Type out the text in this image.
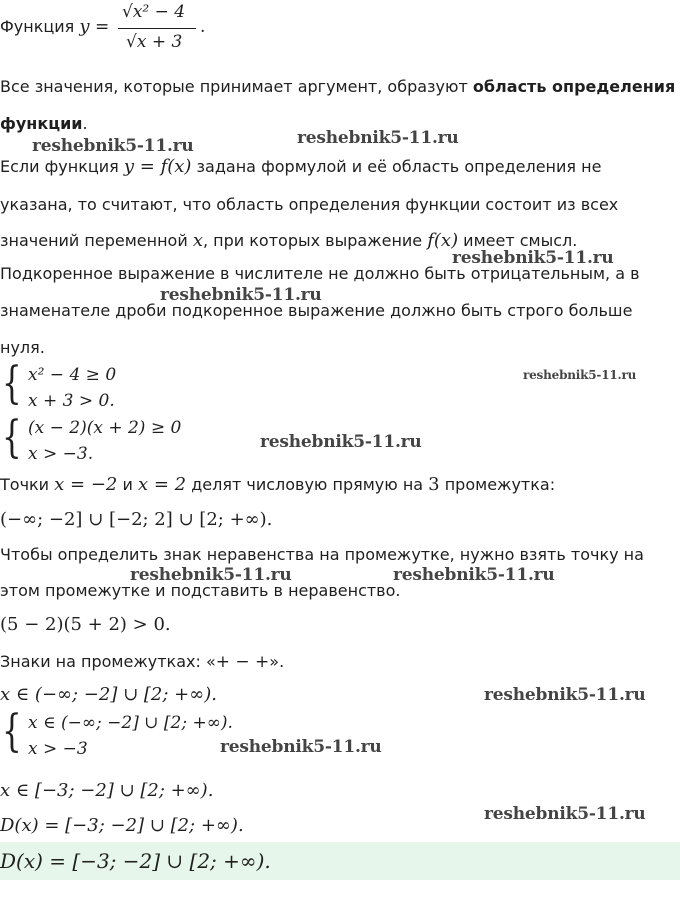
Функция y =
√x² − 4
√x + 3
.
Все значения, которые принимает аргумент, образуют область определения
функции.
Если функция y = f(x) задана формулой и её область определения не
указана, то считают, что область определения функции состоит из всех
значений переменной x, при которых выражение f(x) имеет смысл.
Подкоренное выражение в числителе не должно быть отрицательным, а в
знаменателе дроби подкоренное выражение должно быть строго больше
нуля.
{ x² − 4 ≥ 0
x + 3 > 0.
{ (x − 2)(x + 2) ≥ 0
x > −3.
Точки x = −2 и x = 2 делят числовую прямую на 3 промежутка:
(−∞; −2] ∪ [−2; 2] ∪ [2; +∞).
Чтобы определить знак неравенства на промежутке, нужно взять точку на
этом промежутке и подставить в неравенство.
(5 − 2)(5 + 2) > 0.
Знаки на промежутках: «+ − +».
x ∈ (−∞; −2] ∪ [2; +∞).
{ x ∈ (−∞; −2] ∪ [2; +∞).
x > −3
x ∈ [−3; −2] ∪ [2; +∞).
D(x) = [−3; −2] ∪ [2; +∞).
D(x) = [−3; −2] ∪ [2; +∞).
reshebnik5-11.ru	reshebnik5-11.ru
reshebnik5-11.ru
reshebnik5-11.ru
reshebnik5-11.ru
reshebnik5-11.ru
reshebnik5-11.ru	reshebnik5-11.ru
reshebnik5-11.ru
reshebnik5-11.ru
reshebnik5-11.ru
